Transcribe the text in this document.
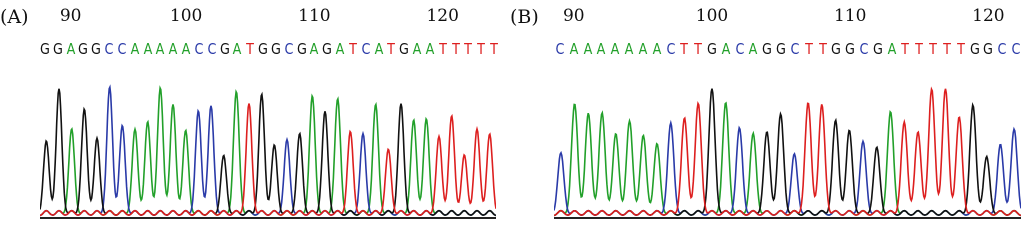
(A) 90	100	110	120
G G A G G C C A A A A A C C G A T G G C G A G A T C A T G A A T T T T T
(B) 90	100	110	120
C A A A A A A A C T T G A C A G G C T T G G C G A T T T T T G G C C
